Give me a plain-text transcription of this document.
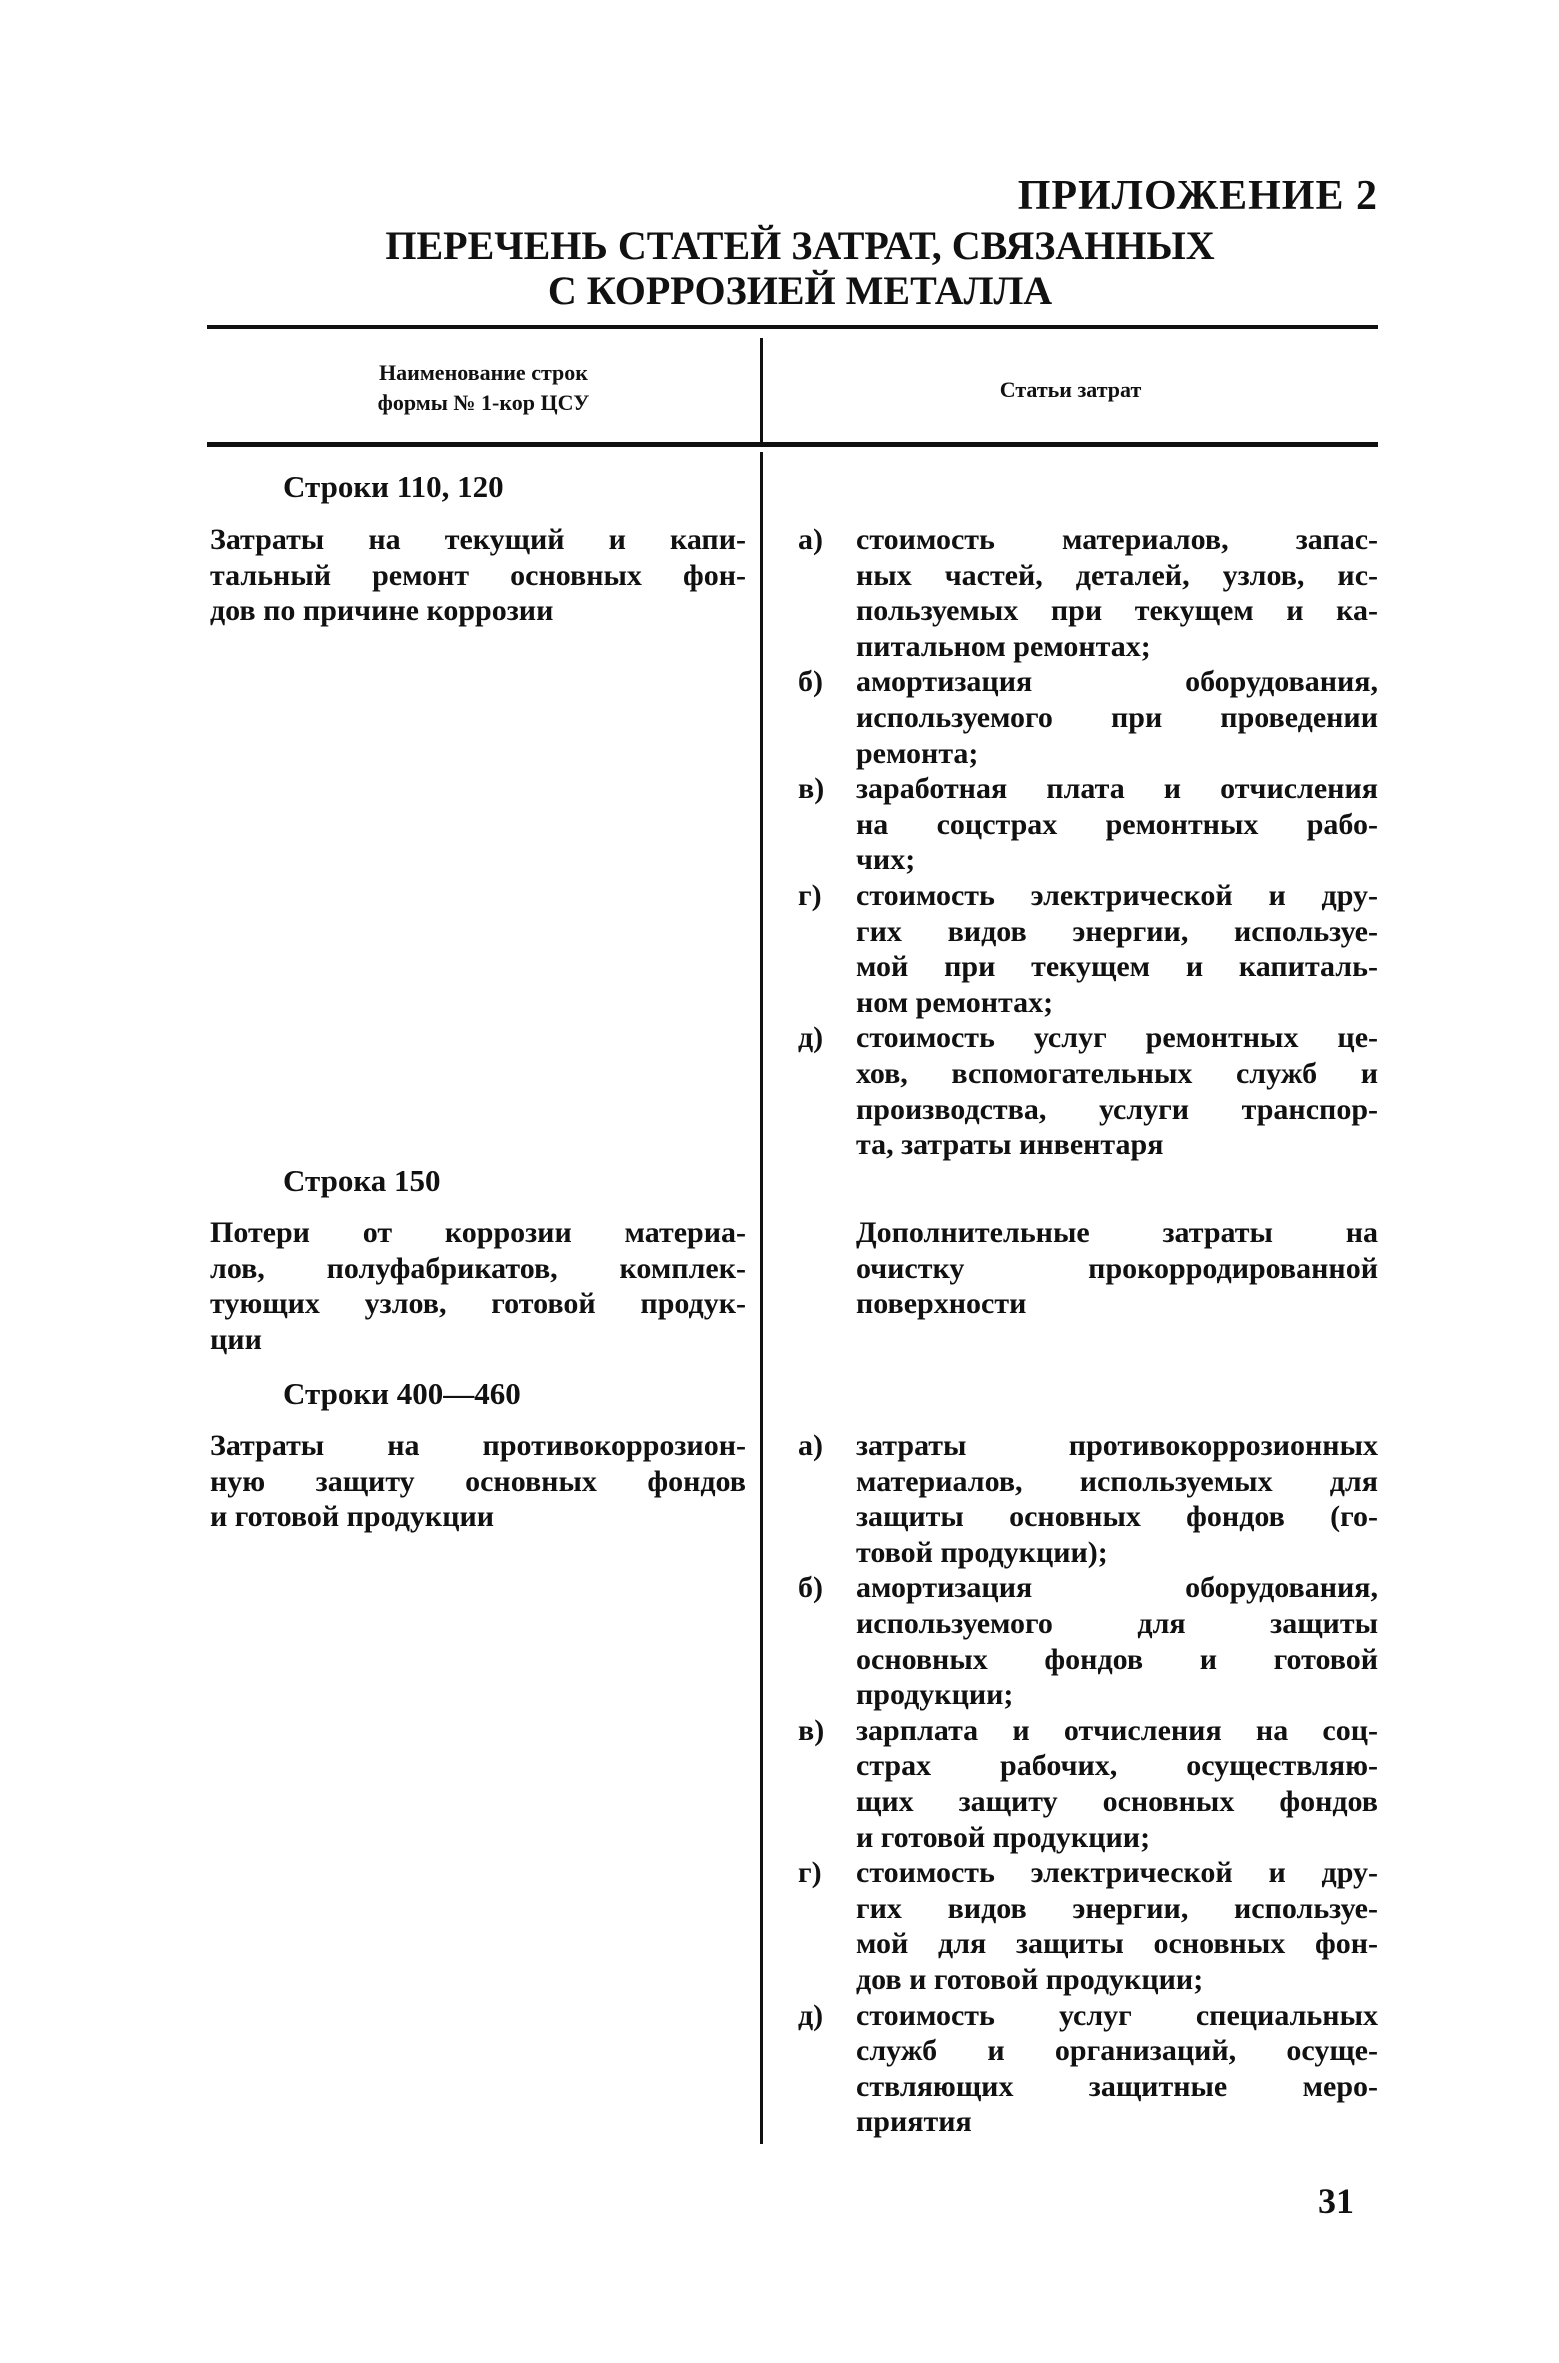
ПРИЛОЖЕНИЕ 2
ПЕРЕЧЕНЬ СТАТЕЙ ЗАТРАТ, СВЯЗАННЫХ
С КОРРОЗИЕЙ МЕТАЛЛА
Наименование строк
формы № 1-кор ЦСУ
Статьи затрат
Строки 110, 120
Затраты на текущий и капи-
тальный ремонт основных фон-
дов по причине коррозии
а) стоимость материалов, запас-
ных частей, деталей, узлов, ис-
пользуемых при текущем и ка-
питальном ремонтах;
б) амортизация оборудования,
используемого при проведении
ремонта;
в) заработная плата и отчисления
на соцстрах ремонтных рабо-
чих;
г) стоимость электрической и дру-
гих видов энергии, используе-
мой при текущем и капиталь-
ном ремонтах;
д) стоимость услуг ремонтных це-
хов, вспомогательных служб и
производства, услуги транспор-
та, затраты инвентаря
Строка 150
Потери от коррозии материа-
лов, полуфабрикатов, комплек-
тующих узлов, готовой продук-
ции
Дополнительные затраты на
очистку прокорродированной
поверхности
Строки 400—460
Затраты на противокоррозион-
ную защиту основных фондов
и готовой продукции
а) затраты противокоррозионных
материалов, используемых для
защиты основных фондов (го-
товой продукции);
б) амортизация оборудования,
используемого для защиты
основных фондов и готовой
продукции;
в) зарплата и отчисления на соц-
страх рабочих, осуществляю-
щих защиту основных фондов
и готовой продукции;
г) стоимость электрической и дру-
гих видов энергии, используе-
мой для защиты основных фон-
дов и готовой продукции;
д) стоимость услуг специальных
служб и организаций, осуще-
ствляющих защитные меро-
приятия
31
